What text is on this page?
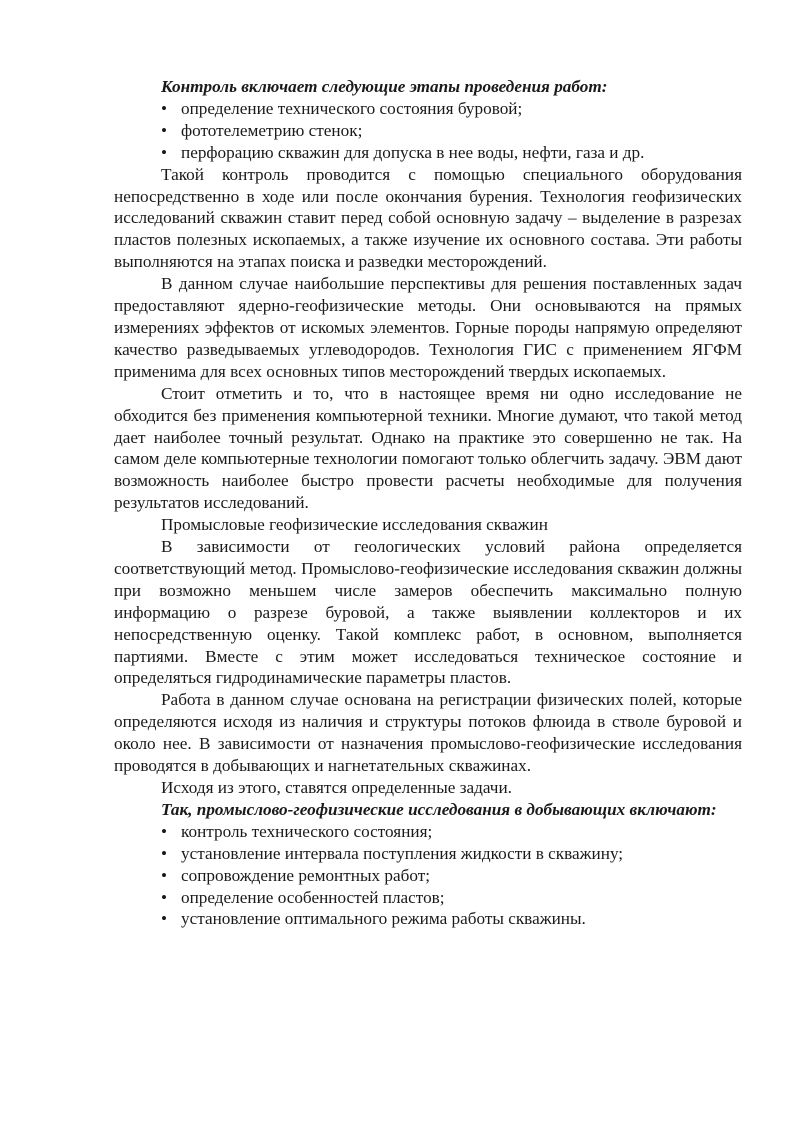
Контроль включает следующие этапы проведения работ:

• определение технического состояния буровой;
• фототелеметрию стенок;
• перфорацию скважин для допуска в нее воды, нефти, газа и др.

Такой контроль проводится с помощью специального оборудования непосредственно в ходе или после окончания бурения. Технология геофизических исследований скважин ставит перед собой основную задачу – выделение в разрезах пластов полезных ископаемых, а также изучение их основного состава. Эти работы выполняются на этапах поиска и разведки месторождений.

В данном случае наибольшие перспективы для решения поставленных задач предоставляют ядерно-геофизические методы. Они основываются на прямых измерениях эффектов от искомых элементов. Горные породы напрямую определяют качество разведываемых углеводородов. Технология ГИС с применением ЯГФМ применима для всех основных типов месторождений твердых ископаемых.

Стоит отметить и то, что в настоящее время ни одно исследование не обходится без применения компьютерной техники. Многие думают, что такой метод дает наиболее точный результат. Однако на практике это совершенно не так. На самом деле компьютерные технологии помогают только облегчить задачу. ЭВМ дают возможность наиболее быстро провести расчеты необходимые для получения результатов исследований.

Промысловые геофизические исследования скважин

В зависимости от геологических условий района определяется соответствующий метод. Промыслово-геофизические исследования скважин должны при возможно меньшем числе замеров обеспечить максимально полную информацию о разрезе буровой, а также выявлении коллекторов и их непосредственную оценку. Такой комплекс работ, в основном, выполняется партиями. Вместе с этим может исследоваться техническое состояние и определяться гидродинамические параметры пластов.

Работа в данном случае основана на регистрации физических полей, которые определяются исходя из наличия и структуры потоков флюида в стволе буровой и около нее. В зависимости от назначения промыслово-геофизические исследования проводятся в добывающих и нагнетательных скважинах.

Исходя из этого, ставятся определенные задачи.

Так, промыслово-геофизические исследования в добывающих включают:

• контроль технического состояния;
• установление интервала поступления жидкости в скважину;
• сопровождение ремонтных работ;
• определение особенностей пластов;
• установление оптимального режима работы скважины.
